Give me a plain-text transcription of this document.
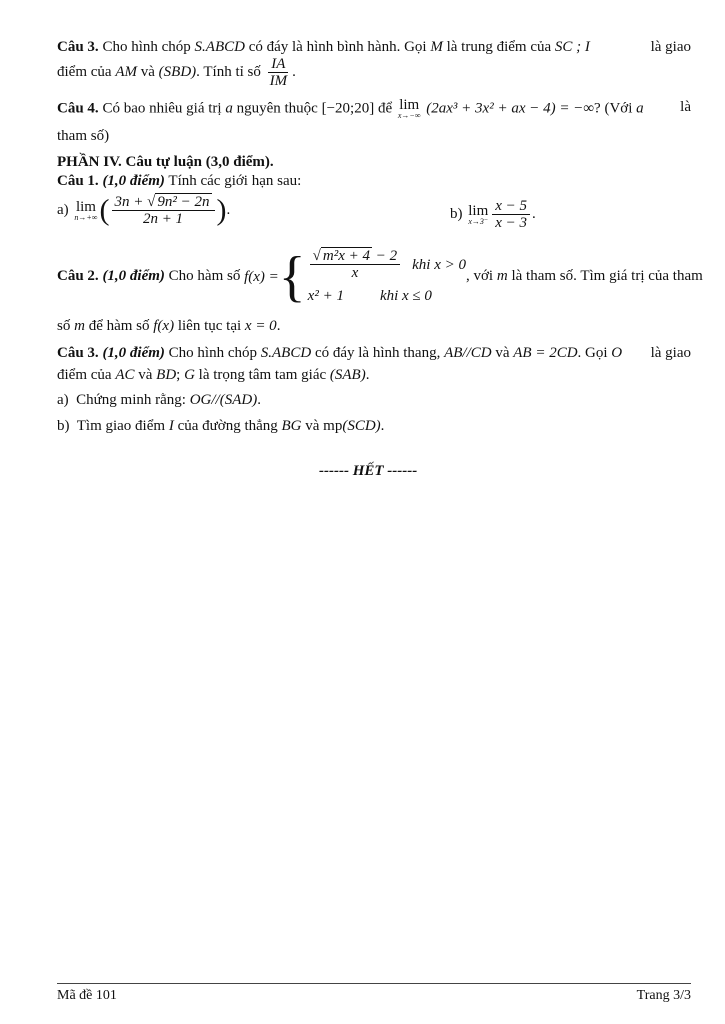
Câu 3. Cho hình chóp S.ABCD có đáy là hình bình hành. Gọi M là trung điểm của SC ; I	là giao
điểm của AM và (SBD). Tính tỉ số $\frac{IA}{IM}$ .
Câu 4. Có bao nhiêu giá trị a nguyên thuộc [−20;20] để lim
x→−∞ (2ax³ + 3x² + ax − 4) = −∞? (Với a là
tham số)
PHẦN IV. Câu tự luận (3,0 điểm).
Câu 1. (1,0 điểm) Tính các giới hạn sau:
a) lim
n→+∞ ( $\frac{\text{3n + √ 9n² − 2n}}{2n + 1}$ ).	b) lim
$x\to 3^- \frac{x - 5}{x - 3}$ .
Câu 2. (1,0 điểm) Cho hàm số f(x) = { $\frac{\text{√ m²x + 4 − 2}}{x}$ khi x > 0
x² + 1 khi x ≤ 0
, với m là tham số. Tìm giá trị của tham
số m để hàm số f(x) liên tục tại x = 0.
Câu 3. (1,0 điểm) Cho hình chóp S.ABCD có đáy là hình thang, AB//CD và AB = 2CD. Gọi O là giao
điểm của AC và BD; G là trọng tâm tam giác (SAB).
a) Chứng minh rằng: OG//(SAD).
b) Tìm giao điểm I của đường thẳng BG và mp(SCD).
------ HẾT ------
Mã đề 101	Trang 3/3
